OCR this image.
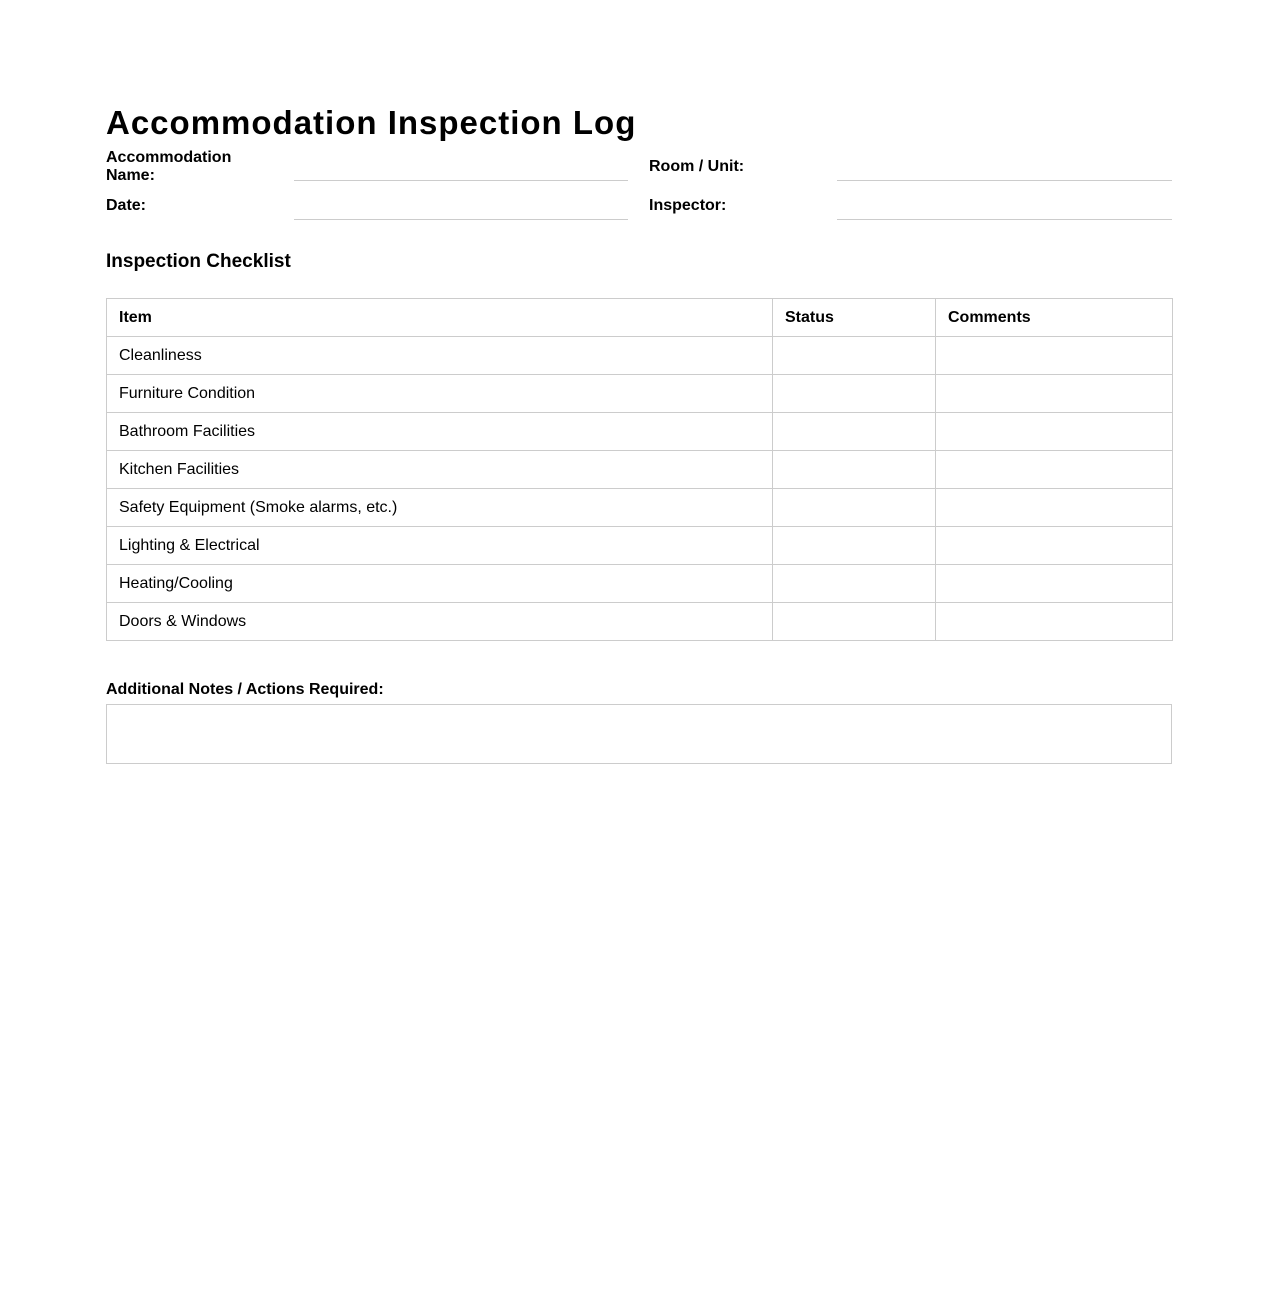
Accommodation Inspection Log
Accommodation
Name:
Room / Unit:
Date:	Inspector:
Inspection Checklist
Item	Status	Comments
Cleanliness		
Furniture Condition		
Bathroom Facilities		
Kitchen Facilities		
Safety Equipment (Smoke alarms, etc.)		
Lighting & Electrical		
Heating/Cooling		
Doors & Windows		
Additional Notes / Actions Required:
